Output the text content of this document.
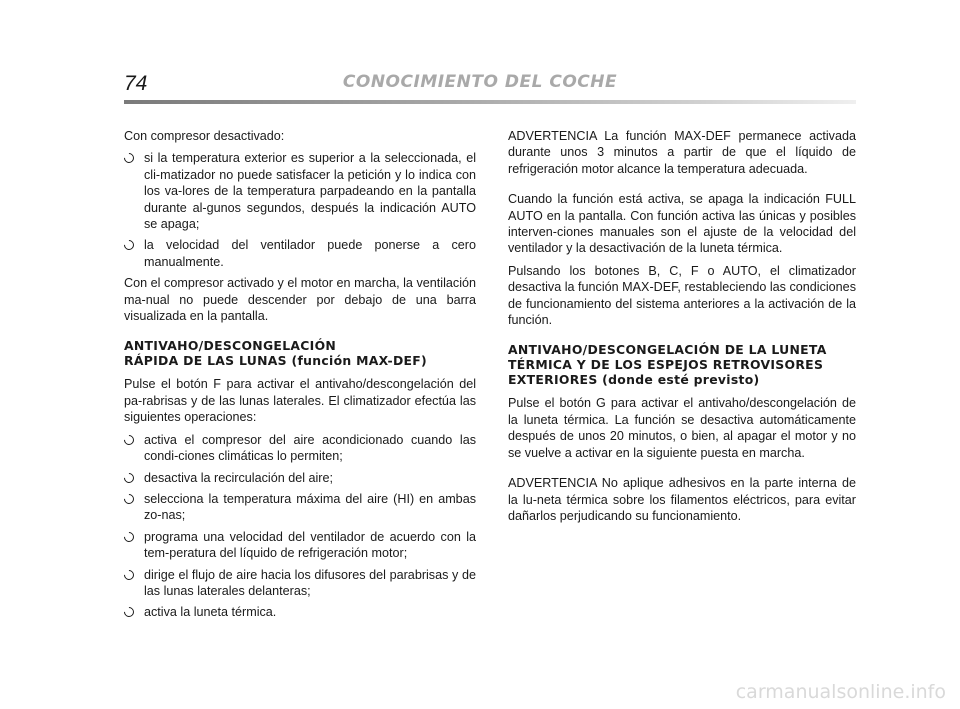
74	CONOCIMIENTO DEL COCHE

Con compresor desactivado:

si la temperatura exterior es superior a la seleccionada, el cli-matizador no puede satisfacer la petición y lo indica con los va-lores de la temperatura parpadeando en la pantalla durante al-gunos segundos, después la indicación AUTO se apaga;
la velocidad del ventilador puede ponerse a cero manualmente.

Con el compresor activado y el motor en marcha, la ventilación ma-nual no puede descender por debajo de una barra visualizada en la pantalla.

ANTIVAHO/DESCONGELACIÓN
RÁPIDA DE LAS LUNAS (función MAX-DEF)

Pulse el botón F para activar el antivaho/descongelación del pa-rabrisas y de las lunas laterales. El climatizador efectúa las siguientes operaciones:

activa el compresor del aire acondicionado cuando las condi-ciones climáticas lo permiten;
desactiva la recirculación del aire;
selecciona la temperatura máxima del aire (HI) en ambas zo-nas;
programa una velocidad del ventilador de acuerdo con la tem-peratura del líquido de refrigeración motor;
dirige el flujo de aire hacia los difusores del parabrisas y de las lunas laterales delanteras;
activa la luneta térmica.

ADVERTENCIA La función MAX-DEF permanece activada durante unos 3 minutos a partir de que el líquido de refrigeración motor alcance la temperatura adecuada.

Cuando la función está activa, se apaga la indicación FULL AUTO en la pantalla. Con función activa las únicas y posibles interven-ciones manuales son el ajuste de la velocidad del ventilador y la desactivación de la luneta térmica.

Pulsando los botones B, C, F o AUTO, el climatizador desactiva la función MAX-DEF, restableciendo las condiciones de funcionamiento del sistema anteriores a la activación de la función.

ANTIVAHO/DESCONGELACIÓN DE LA LUNETA
TÉRMICA Y DE LOS ESPEJOS RETROVISORES
EXTERIORES (donde esté previsto)

Pulse el botón G para activar el antivaho/descongelación de la luneta térmica. La función se desactiva automáticamente después de unos 20 minutos, o bien, al apagar el motor y no se vuelve a activar en la siguiente puesta en marcha.

ADVERTENCIA No aplique adhesivos en la parte interna de la lu-neta térmica sobre los filamentos eléctricos, para evitar dañarlos perjudicando su funcionamiento.

carmanualsonline.info
